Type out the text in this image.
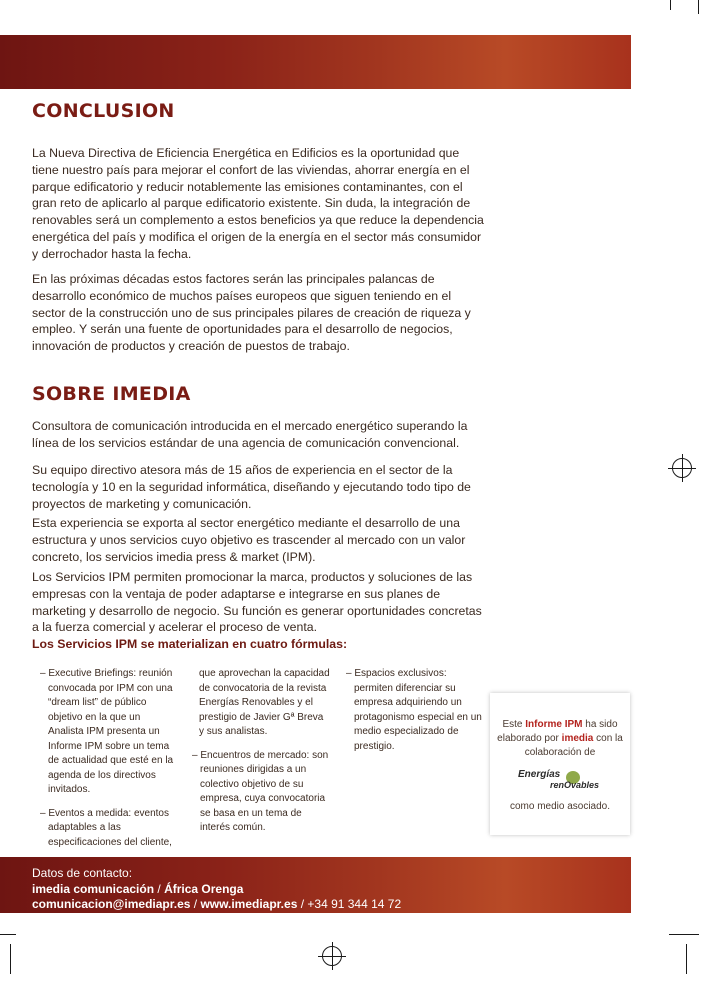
CONCLUSION
La Nueva Directiva de Eficiencia Energética en Edificios es la oportunidad que tiene nuestro país para mejorar el confort de las viviendas, ahorrar energía en el parque edificatorio y reducir notablemente las emisiones contaminantes, con el gran reto de aplicarlo al parque edificatorio existente. Sin duda, la integración de renovables será un complemento a estos beneficios ya que reduce la dependencia energética del país y modifica el origen de la energía en el sector más consumidor y derrochador hasta la fecha.
En las próximas décadas estos factores serán las principales palancas de desarrollo económico de muchos países europeos que siguen teniendo en el sector de la construcción uno de sus principales pilares de creación de riqueza y empleo. Y serán una fuente de oportunidades para el desarrollo de negocios, innovación de productos y creación de puestos de trabajo.
SOBRE IMEDIA
Consultora de comunicación introducida en el mercado energético superando la línea de los servicios estándar de una agencia de comunicación convencional.
Su equipo directivo atesora más de 15 años de experiencia en el sector de la tecnología y 10 en la seguridad informática, diseñando y ejecutando todo tipo de proyectos de marketing y comunicación.
Esta experiencia se exporta al sector energético mediante el desarrollo de una estructura y unos servicios cuyo objetivo es trascender al mercado con un valor concreto, los servicios imedia press & market (IPM).
Los Servicios IPM permiten promocionar la marca, productos y soluciones de las empresas con la ventaja de poder adaptarse e integrarse en sus planes de marketing y desarrollo de negocio. Su función es generar oportunidades concretas a la fuerza comercial y acelerar el proceso de venta.
Los Servicios IPM se materializan en cuatro fórmulas:

– Executive Briefings: reunión convocada por IPM con una “dream list” de público objetivo en la que un Analista IPM presenta un Informe IPM sobre un tema de actualidad que esté en la agenda de los directivos invitados.

– Eventos a medida: eventos adaptables a las especificaciones del cliente,

que aprovechan la capacidad de convocatoria de la revista Energías Renovables y el prestigio de Javier Gª Breva y sus analistas.

– Encuentros de mercado: son reuniones dirigidas a un colectivo objetivo de su empresa, cuya convocatoria se basa en un tema de interés común.

– Espacios exclusivos: permiten diferenciar su empresa adquiriendo un protagonismo especial en un medio especializado de prestigio.

Este Informe IPM ha sido elaborado por imedia con la colaboración de
Energías
renOvables
como medio asociado.
Datos de contacto:
imedia comunicación / África Orenga
comunicacion@imediapr.es / www.imediapr.es / +34 91 344 14 72
